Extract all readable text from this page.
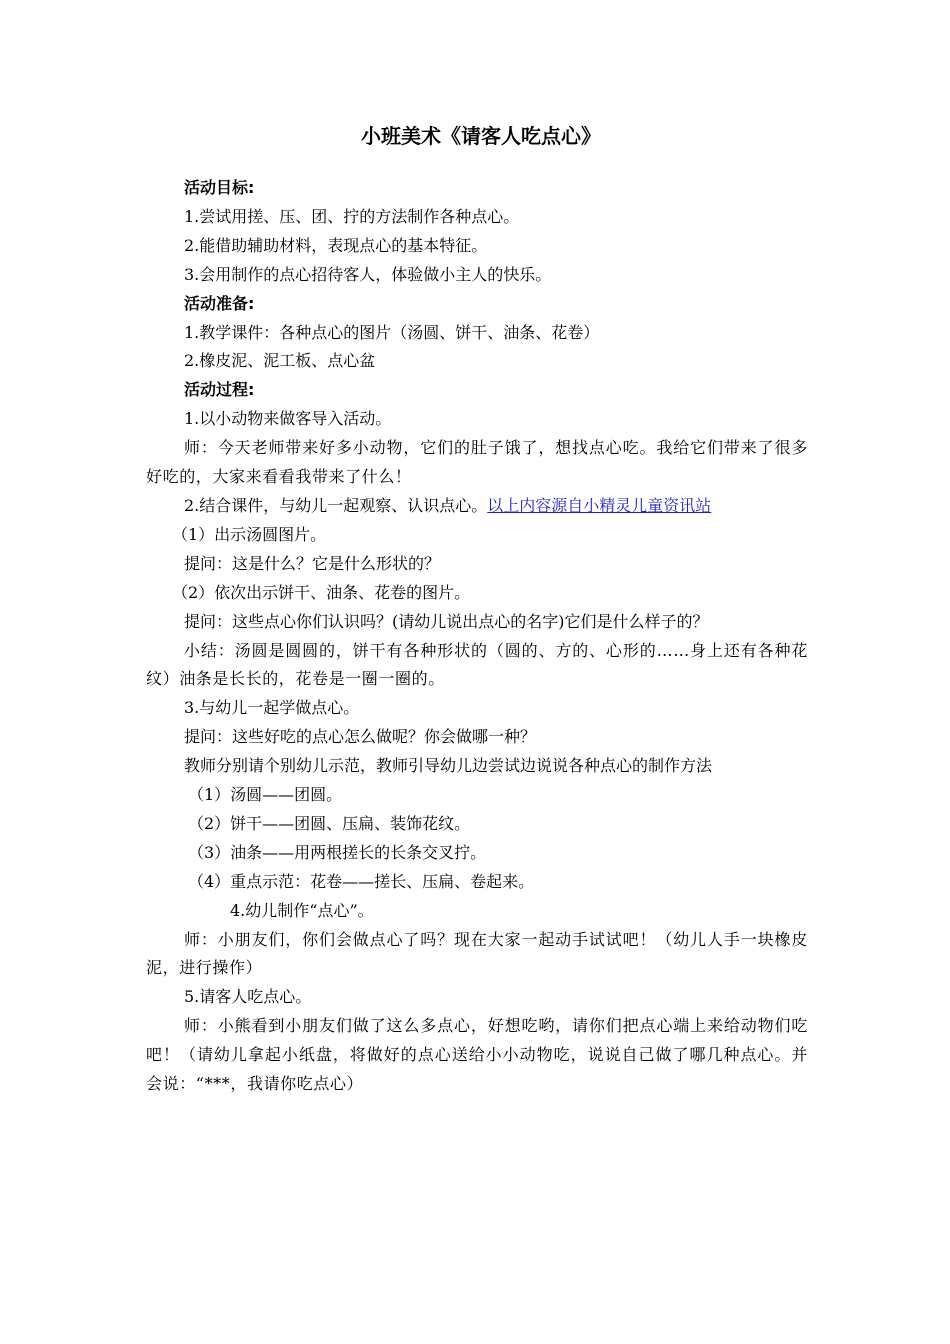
小班美术《请客人吃点心》

活动目标:

1.尝试用搓、压、团、拧的方法制作各种点心。

2.能借助辅助材料，表现点心的基本特征。

3.会用制作的点心招待客人，体验做小主人的快乐。

活动准备:

1.教学课件：各种点心的图片（汤圆、饼干、油条、花卷）

2.橡皮泥、泥工板、点心盆

活动过程:

1.以小动物来做客导入活动。

师：今天老师带来好多小动物，它们的肚子饿了，想找点心吃。我给它们带来了很多好吃的，大家来看看我带来了什么！

2.结合课件，与幼儿一起观察、认识点心。以上内容源自小精灵儿童资讯站

（1）出示汤圆图片。

提问：这是什么？它是什么形状的？

（2）依次出示饼干、油条、花卷的图片。

提问：这些点心你们认识吗？(请幼儿说出点心的名字)它们是什么样子的？

小结：汤圆是圆圆的，饼干有各种形状的（圆的、方的、心形的……身上还有各种花纹）油条是长长的，花卷是一圈一圈的。

3.与幼儿一起学做点心。

提问：这些好吃的点心怎么做呢？你会做哪一种？

教师分别请个别幼儿示范，教师引导幼儿边尝试边说说各种点心的制作方法

（1）汤圆——团圆。

（2）饼干——团圆、压扁、装饰花纹。

（3）油条——用两根搓长的长条交叉拧。

（4）重点示范：花卷——搓长、压扁、卷起来。

4.幼儿制作“点心”。

师：小朋友们，你们会做点心了吗？现在大家一起动手试试吧！（幼儿人手一块橡皮泥，进行操作）

5.请客人吃点心。

师：小熊看到小朋友们做了这么多点心，好想吃哟，请你们把点心端上来给动物们吃吧！（请幼儿拿起小纸盘，将做好的点心送给小小动物吃，说说自己做了哪几种点心。并会说：“***，我请你吃点心）
